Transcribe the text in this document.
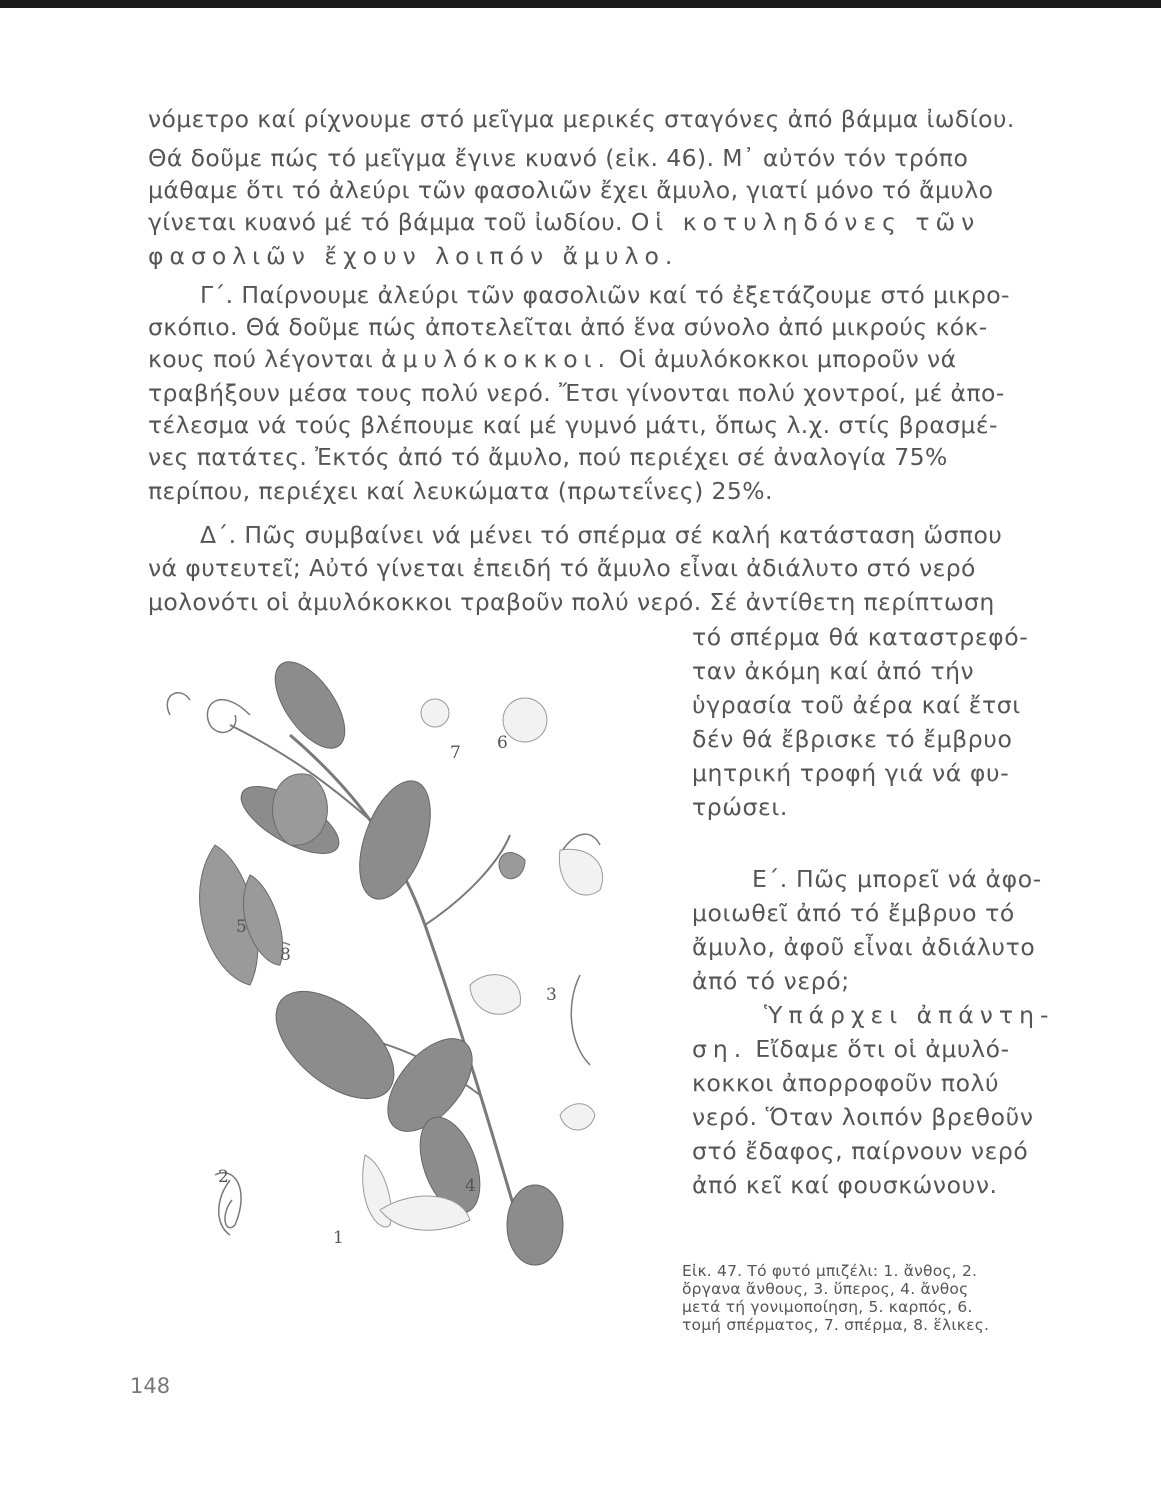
νόμετρο καί ρίχνουμε στό μεῖγμα μερικές σταγόνες ἀπό βάμμα ἰωδίου.
Θά δοῦμε πώς τό μεῖγμα ἔγινε κυανό (εἰκ. 46). Μ᾽ αὐτόν τόν τρόπο
μάθαμε ὅτι τό ἀλεύρι τῶν φασολιῶν ἔχει ἄμυλο, γιατί μόνο τό ἄμυλο
γίνεται κυανό μέ τό βάμμα τοῦ ἰωδίου. Οἱ κοτυληδόνες τῶν
φασολιῶν ἔχουν λοιπόν ἄμυλο.
Γ΄. Παίρνουμε ἀλεύρι τῶν φασολιῶν καί τό ἐξετάζουμε στό μικρο-
σκόπιο. Θά δοῦμε πώς ἀποτελεῖται ἀπό ἕνα σύνολο ἀπό μικρούς κόκ-
κους πού λέγονται ἀμυλόκοκκοι. Οἱ ἀμυλόκοκκοι μποροῦν νά
τραβήξουν μέσα τους πολύ νερό. Ἔτσι γίνονται πολύ χοντροί, μέ ἀπο-
τέλεσμα νά τούς βλέπουμε καί μέ γυμνό μάτι, ὅπως λ.χ. στίς βρασμέ-
νες πατάτες. Ἐκτός ἀπό τό ἄμυλο, πού περιέχει σέ ἀναλογία 75%
περίπου, περιέχει καί λευκώματα (πρωτεΐνες) 25%.
Δ΄. Πῶς συμβαίνει νά μένει τό σπέρμα σέ καλή κατάσταση ὥσπου
νά φυτευτεῖ; Αὐτό γίνεται ἐπειδή τό ἄμυλο εἶναι ἀδιάλυτο στό νερό
μολονότι οἱ ἀμυλόκοκκοι τραβοῦν πολύ νερό. Σέ ἀντίθετη περίπτωση
τό σπέρμα θά καταστρεφό-
ταν ἀκόμη καί ἀπό τήν
ὑγρασία τοῦ ἀέρα καί ἔτσι
δέν θά ἔβρισκε τό ἔμβρυο
μητρική τροφή γιά νά φυ-
τρώσει.
Ε΄. Πῶς μπορεῖ νά ἀφο-
μοιωθεῖ ἀπό τό ἔμβρυο τό
ἄμυλο, ἀφοῦ εἶναι ἀδιάλυτο
ἀπό τό νερό;
Ὑπάρχει ἀπάντη-
ση. Εἴδαμε ὅτι οἱ ἀμυλό-
κοκκοι ἀπορροφοῦν πολύ
νερό. Ὅταν λοιπόν βρεθοῦν
στό ἔδαφος, παίρνουν νερό
ἀπό κεῖ καί φουσκώνουν.
1
2
3
4
5
6
7
8
Εἰκ. 47. Τό φυτό μπιζέλι: 1. ἄνθος, 2.
ὄργανα ἄνθους, 3. ὕπερος, 4. ἄνθος
μετά τή γονιμοποίηση, 5. καρπός, 6.
τομή σπέρματος, 7. σπέρμα, 8. ἕλικες.
148
